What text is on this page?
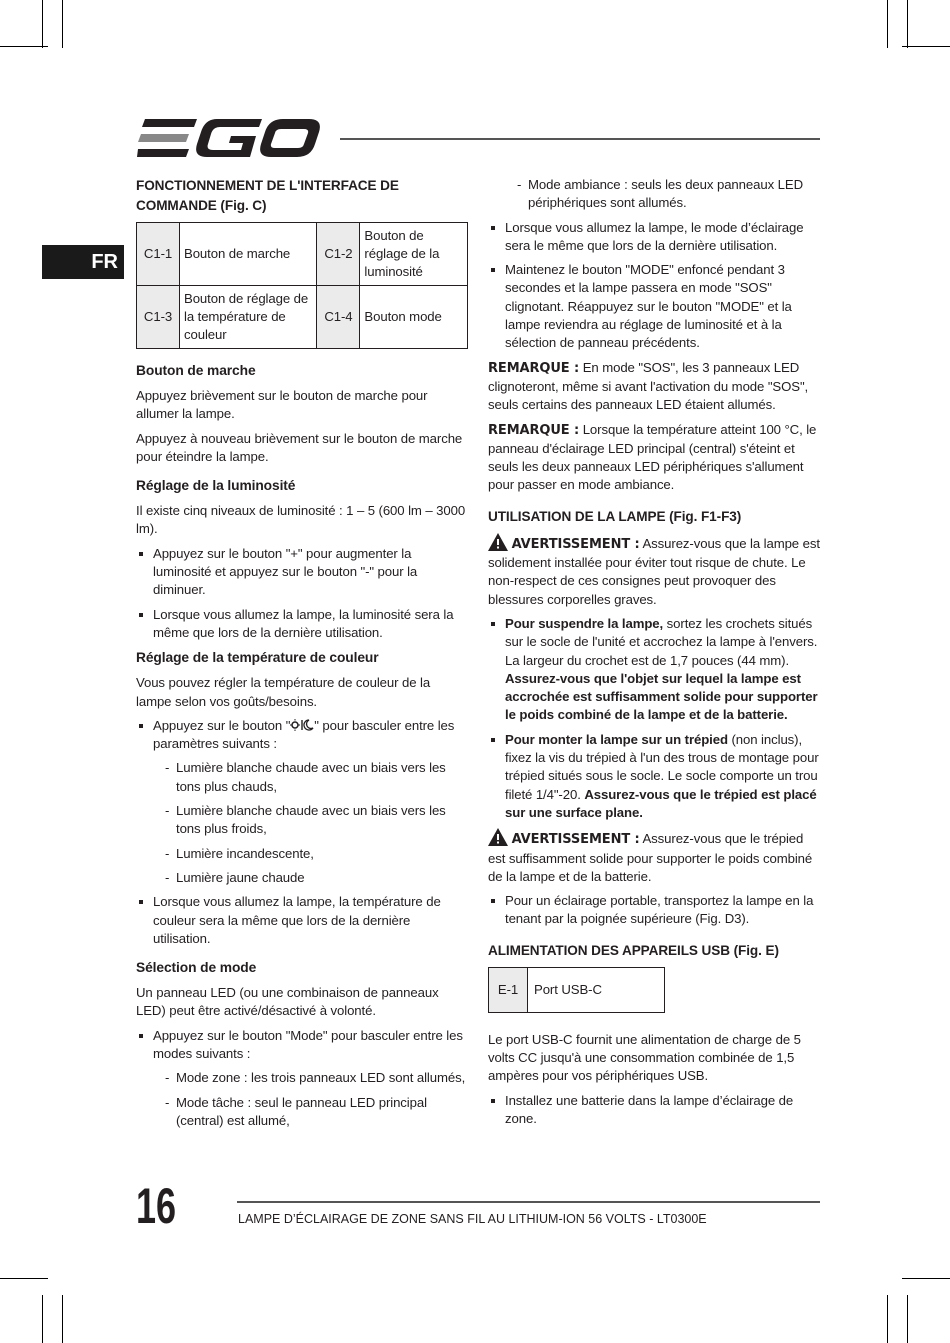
FR
FONCTIONNEMENT DE L'INTERFACE DE COMMANDE (Fig. C)
C1-1	Bouton de marche	C1-2	Bouton de réglage de la luminosité
C1-3	Bouton de réglage de la température de couleur	C1-4	Bouton mode
Bouton de marche

Appuyez brièvement sur le bouton de marche pour allumer la lampe.

Appuyez à nouveau brièvement sur le bouton de marche pour éteindre la lampe.

Réglage de la luminosité

Il existe cinq niveaux de luminosité : 1 – 5 (600 lm – 3000 lm).

Appuyez sur le bouton "+" pour augmenter la luminosité et appuyez sur le bouton "-" pour la diminuer.
Lorsque vous allumez la lampe, la luminosité sera la même que lors de la dernière utilisation.
Réglage de la température de couleur

Vous pouvez régler la température de couleur de la lampe selon vos goûts/besoins.

Appuyez sur le bouton " " pour basculer entre les paramètres suivants :
- Lumière blanche chaude avec un biais vers les tons plus chauds,
- Lumière blanche chaude avec un biais vers les tons plus froids,
- Lumière incandescente,
- Lumière jaune chaude
Lorsque vous allumez la lampe, la température de couleur sera la même que lors de la dernière utilisation.
Sélection de mode

Un panneau LED (ou une combinaison de panneaux LED) peut être activé/désactivé à volonté.

Appuyez sur le bouton "Mode" pour basculer entre les modes suivants :
- Mode zone : les trois panneaux LED sont allumés,
- Mode tâche : seul le panneau LED principal (central) est allumé,
- Mode ambiance : seuls les deux panneaux LED périphériques sont allumés.
Lorsque vous allumez la lampe, le mode d’éclairage sera le même que lors de la dernière utilisation.
Maintenez le bouton "MODE" enfoncé pendant 3 secondes et la lampe passera en mode "SOS" clignotant. Réappuyez sur le bouton "MODE" et la lampe reviendra au réglage de luminosité et à la sélection de panneau précédents.

REMARQUE : En mode "SOS", les 3 panneaux LED clignoteront, même si avant l'activation du mode "SOS", seuls certains des panneaux LED étaient allumés.

REMARQUE : Lorsque la température atteint 100 °C, le panneau d'éclairage LED principal (central) s'éteint et seuls les deux panneaux LED périphériques s'allument pour passer en mode ambiance.

UTILISATION DE LA LAMPE (Fig. F1-F3)

AVERTISSEMENT : Assurez-vous que la lampe est solidement installée pour éviter tout risque de chute. Le non-respect de ces consignes peut provoquer des blessures corporelles graves.

Pour suspendre la lampe, sortez les crochets situés sur le socle de l'unité et accrochez la lampe à l'envers. La largeur du crochet est de 1,7 pouces (44 mm). Assurez-vous que l'objet sur lequel la lampe est accrochée est suffisamment solide pour supporter le poids combiné de la lampe et de la batterie.
Pour monter la lampe sur un trépied (non inclus), fixez la vis du trépied à l'un des trous de montage pour trépied situés sous le socle. Le socle comporte un trou fileté 1/4"-20. Assurez-vous que le trépied est placé sur une surface plane.

AVERTISSEMENT : Assurez-vous que le trépied est suffisamment solide pour supporter le poids combiné de la lampe et de la batterie.

Pour un éclairage portable, transportez la lampe en la tenant par la poignée supérieure (Fig. D3).
ALIMENTATION DES APPAREILS USB (Fig. E)
E-1	Port USB-C

Le port USB-C fournit une alimentation de charge de 5 volts CC jusqu'à une consommation combinée de 1,5 ampères pour vos périphériques USB.

Installez une batterie dans la lampe d’éclairage de zone.
16	LAMPE D’ÉCLAIRAGE DE ZONE SANS FIL AU LITHIUM-ION 56 VOLTS - LT0300E
